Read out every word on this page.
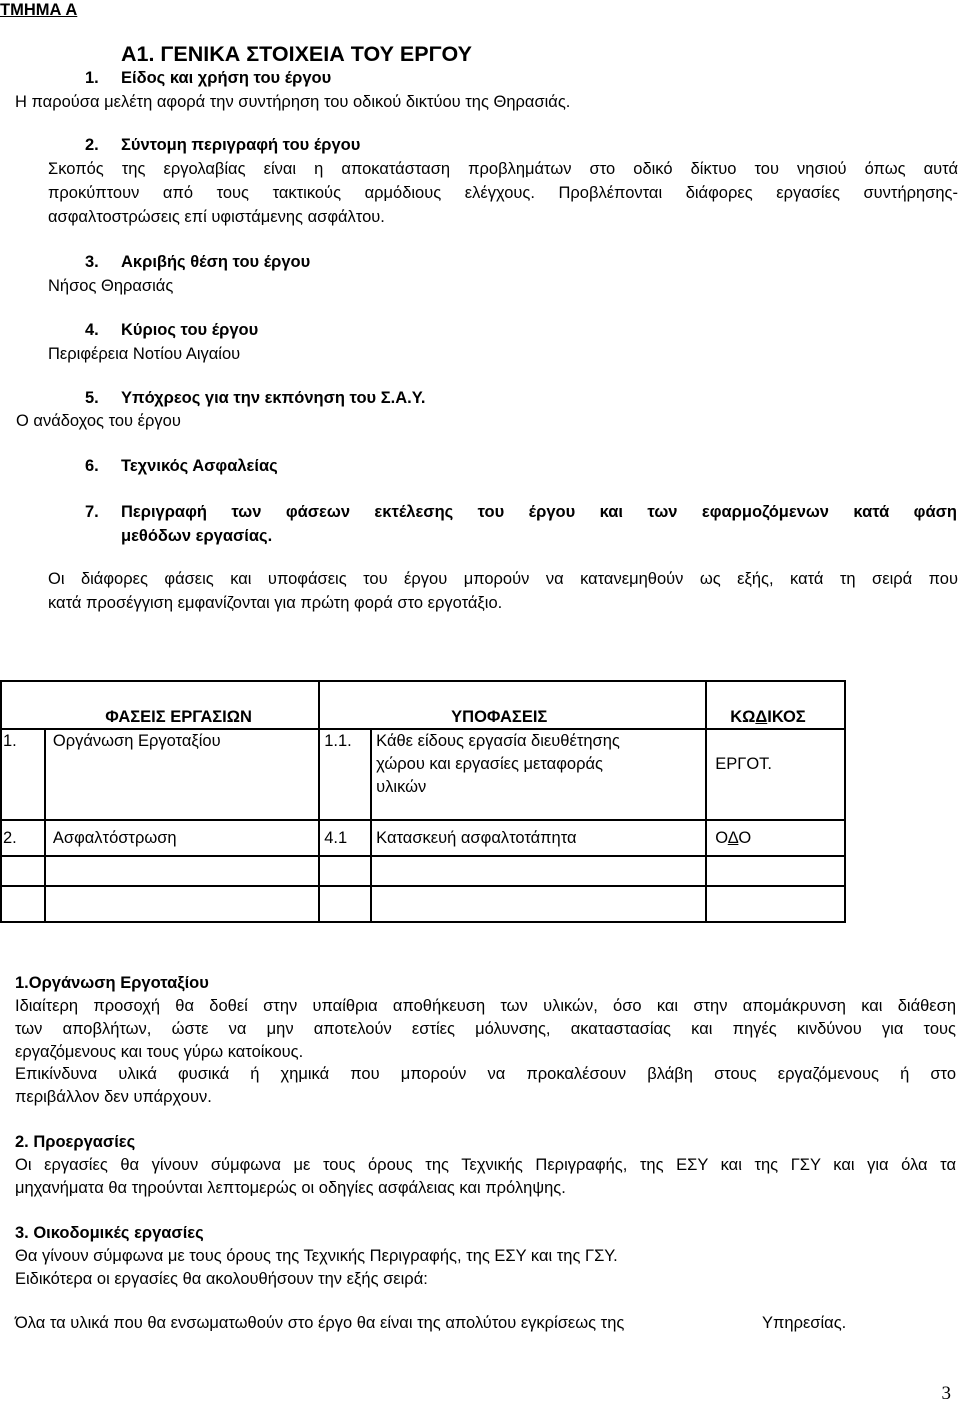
ΤΜΗΜΑ Α
Α1. ΓΕΝΙΚΑ ΣΤΟΙΧΕΙΑ ΤΟΥ ΕΡΓΟΥ
1. Είδος και χρήση του έργου
Η παρούσα μελέτη αφορά την συντήρηση του οδικού δικτύου της Θηρασιάς.
2. Σύντομη περιγραφή του έργου
Σκοπός της εργολαβίας είναι η αποκατάσταση προβλημάτων στο οδικό δίκτυο του νησιού όπως αυτά
προκύπτουν από τους τακτικούς αρμόδιους ελέγχους. Προβλέπονται διάφορες εργασίες συντήρησης-
ασφαλτοστρώσεις επί υφιστάμενης ασφάλτου.
3. Ακριβής θέση του έργου
Νήσος Θηρασιάς
4. Κύριος του έργου
Περιφέρεια Νοτίου Αιγαίου
5. Υπόχρεος για την εκπόνηση του Σ.Α.Υ.
Ο ανάδοχος του έργου
6. Τεχνικός Ασφαλείας
7. Περιγραφή των φάσεων εκτέλεσης του έργου και των εφαρμοζόμενων κατά φάση
μεθόδων εργασίας.
Οι διάφορες φάσεις και υποφάσεις του έργου μπορούν να κατανεμηθούν ως εξής, κατά τη σειρά που
κατά προσέγγιση εμφανίζονται για πρώτη φορά στο εργοτάξιο.
	ΦΑΣΕΙΣ ΕΡΓΑΣΙΩΝ		ΥΠΟΦΑΣΕΙΣ	ΚΩΔΙΚΟΣ
1.	Οργάνωση Εργοταξίου	1.1.	Κάθε είδους εργασία διευθέτησης
χώρου και εργασίες μεταφοράς
υλικών	ΕΡΓΟΤ.
2.	Ασφαλτόστρωση	4.1	Κατασκευή ασφαλτοτάπητα	ΟΔΟ

1.Οργάνωση Εργοταξίου
Ιδιαίτερη προσοχή θα δοθεί στην υπαίθρια αποθήκευση των υλικών, όσο και στην απομάκρυνση και διάθεση
των αποβλήτων, ώστε να μην αποτελούν εστίες μόλυνσης, ακαταστασίας και πηγές κινδύνου για τους
εργαζόμενους και τους γύρω κατοίκους.
Επικίνδυνα υλικά φυσικά ή χημικά που μπορούν να προκαλέσουν βλάβη στους εργαζόμενους ή στο
περιβάλλον δεν υπάρχουν.
2. Προεργασίες
Οι εργασίες θα γίνουν σύμφωνα με τους όρους της Τεχνικής Περιγραφής, της ΕΣΥ και της ΓΣΥ και για όλα τα
μηχανήματα θα τηρούνται λεπτομερώς οι οδηγίες ασφάλειας και πρόληψης.
3. Οικοδομικές εργασίες
Θα γίνουν σύμφωνα με τους όρους της Τεχνικής Περιγραφής, της ΕΣΥ και της ΓΣΥ.
Ειδικότερα οι εργασίες θα ακολουθήσουν την εξής σειρά:
Όλα τα υλικά που θα ενσωματωθούν στο έργο θα είναι της απολύτου εγκρίσεως της	Υπηρεσίας.
3
